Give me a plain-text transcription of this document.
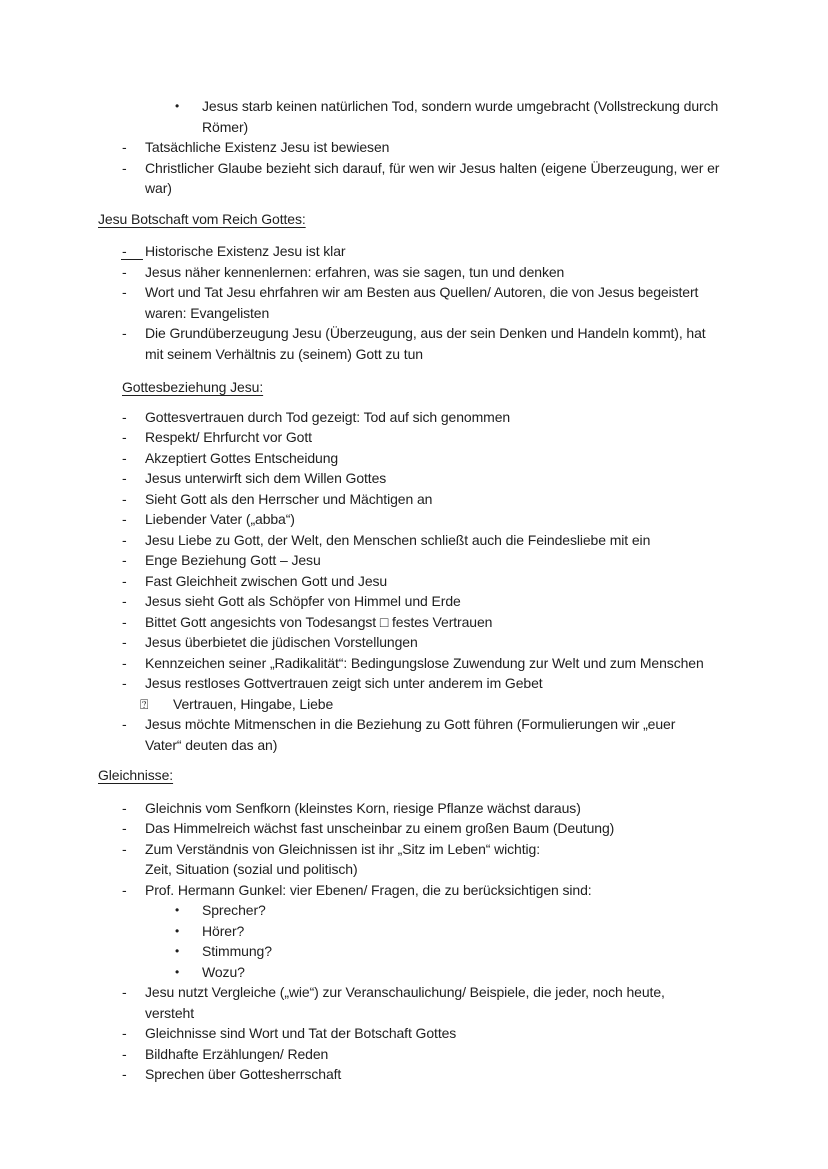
•	Jesus starb keinen natürlichen Tod, sondern wurde umgebracht (Vollstreckung durch
Römer)
-	Tatsächliche Existenz Jesu ist bewiesen
-	Christlicher Glaube bezieht sich darauf, für wen wir Jesus halten (eigene Überzeugung, wer er
war)
Jesu Botschaft vom Reich Gottes:
-	Historische Existenz Jesu ist klar
-	Jesus näher kennenlernen: erfahren, was sie sagen, tun und denken
-	Wort und Tat Jesu ehrfahren wir am Besten aus Quellen/ Autoren, die von Jesus begeistert
waren: Evangelisten
-	Die Grundüberzeugung Jesu (Überzeugung, aus der sein Denken und Handeln kommt), hat
mit seinem Verhältnis zu (seinem) Gott zu tun
Gottesbeziehung Jesu:
-	Gottesvertrauen durch Tod gezeigt: Tod auf sich genommen
-	Respekt/ Ehrfurcht vor Gott
-	Akzeptiert Gottes Entscheidung
-	Jesus unterwirft sich dem Willen Gottes
-	Sieht Gott als den Herrscher und Mächtigen an
-	Liebender Vater („abba“)
-	Jesu Liebe zu Gott, der Welt, den Menschen schließt auch die Feindesliebe mit ein
-	Enge Beziehung Gott – Jesu
-	Fast Gleichheit zwischen Gott und Jesu
-	Jesus sieht Gott als Schöpfer von Himmel und Erde
-	Bittet Gott angesichts von Todesangst □ festes Vertrauen
-	Jesus überbietet die jüdischen Vorstellungen
-	Kennzeichen seiner „Radikalität“: Bedingungslose Zuwendung zur Welt und zum Menschen
-	Jesus restloses Gottvertrauen zeigt sich unter anderem im Gebet
⍰	Vertrauen, Hingabe, Liebe
-	Jesus möchte Mitmenschen in die Beziehung zu Gott führen (Formulierungen wir „euer
Vater“ deuten das an)
Gleichnisse:
-	Gleichnis vom Senfkorn (kleinstes Korn, riesige Pflanze wächst daraus)
-	Das Himmelreich wächst fast unscheinbar zu einem großen Baum (Deutung)
-	Zum Verständnis von Gleichnissen ist ihr „Sitz im Leben“ wichtig:
Zeit, Situation (sozial und politisch)
-	Prof. Hermann Gunkel: vier Ebenen/ Fragen, die zu berücksichtigen sind:
•	Sprecher?
•	Hörer?
•	Stimmung?
•	Wozu?
-	Jesu nutzt Vergleiche („wie“) zur Veranschaulichung/ Beispiele, die jeder, noch heute,
versteht
-	Gleichnisse sind Wort und Tat der Botschaft Gottes
-	Bildhafte Erzählungen/ Reden
-	Sprechen über Gottesherrschaft
